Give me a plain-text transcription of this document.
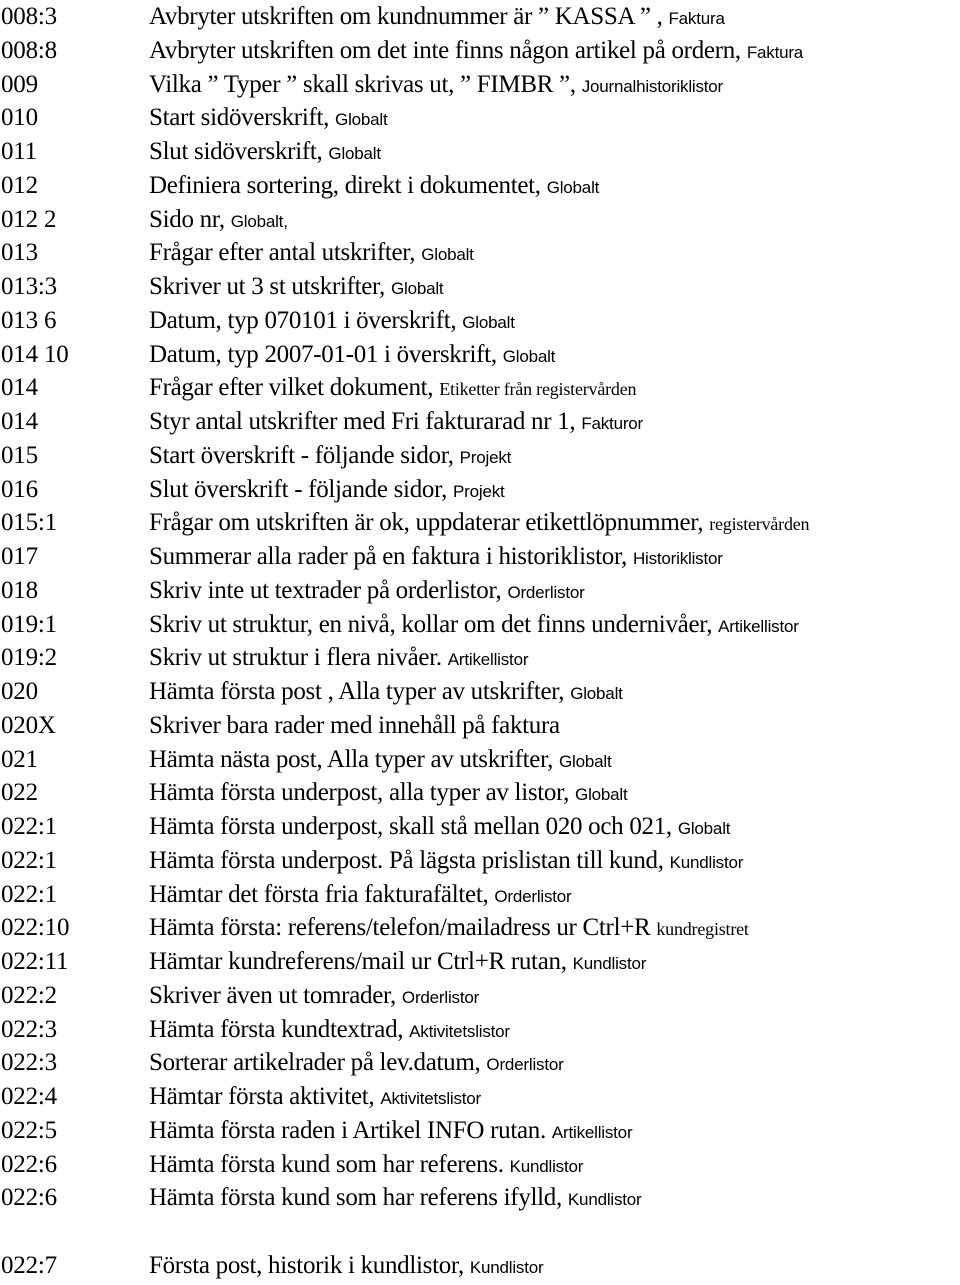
008:3	Avbryter utskriften om kundnummer är ” KASSA ” , Faktura
008:8	Avbryter utskriften om det inte finns någon artikel på ordern, Faktura
009	Vilka ” Typer ” skall skrivas ut, ” FIMBR ”, Journalhistoriklistor
010	Start sidöverskrift, Globalt
011	Slut sidöverskrift, Globalt
012	Definiera sortering, direkt i dokumentet, Globalt
012 2	Sido nr, Globalt,
013	Frågar efter antal utskrifter, Globalt
013:3	Skriver ut 3 st utskrifter, Globalt
013 6	Datum, typ 070101 i överskrift, Globalt
014 10	Datum, typ 2007-01-01 i överskrift, Globalt
014	Frågar efter vilket dokument, Etiketter från registervården
014	Styr antal utskrifter med Fri fakturarad nr 1, Fakturor
015	Start överskrift - följande sidor, Projekt
016	Slut överskrift - följande sidor, Projekt
015:1	Frågar om utskriften är ok, uppdaterar etikettlöpnummer, registervården
017	Summerar alla rader på en faktura i historiklistor, Historiklistor
018	Skriv inte ut textrader på orderlistor, Orderlistor
019:1	Skriv ut struktur, en nivå, kollar om det finns undernivåer, Artikellistor
019:2	Skriv ut struktur i flera nivåer. Artikellistor
020	Hämta första post , Alla typer av utskrifter, Globalt
020X	Skriver bara rader med innehåll på faktura
021	Hämta nästa post, Alla typer av utskrifter, Globalt
022	Hämta första underpost, alla typer av listor, Globalt
022:1	Hämta första underpost, skall stå mellan 020 och 021, Globalt
022:1	Hämta första underpost. På lägsta prislistan till kund, Kundlistor
022:1	Hämtar det första fria fakturafältet, Orderlistor
022:10	Hämta första: referens/telefon/mailadress ur Ctrl+R kundregistret
022:11	Hämtar kundreferens/mail ur Ctrl+R rutan, Kundlistor
022:2	Skriver även ut tomrader, Orderlistor
022:3	Hämta första kundtextrad, Aktivitetslistor
022:3	Sorterar artikelrader på lev.datum, Orderlistor
022:4	Hämtar första aktivitet, Aktivitetslistor
022:5	Hämta första raden i Artikel INFO rutan. Artikellistor
022:6	Hämta första kund som har referens. Kundlistor
022:6	Hämta första kund som har referens ifylld, Kundlistor
022:7	Första post, historik i kundlistor, Kundlistor
